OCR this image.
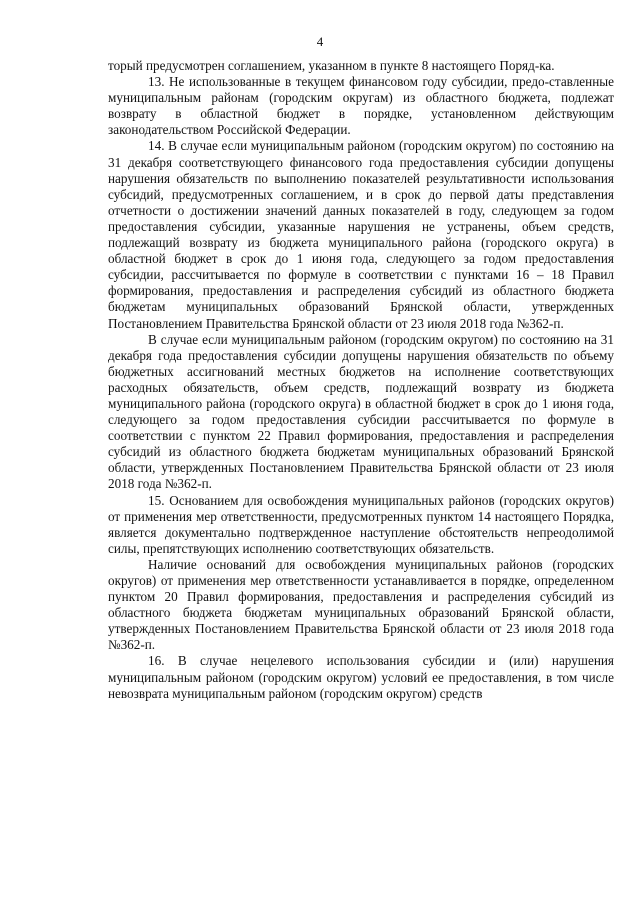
4

торый предусмотрен соглашением, указанном в пункте 8 настоящего Поряд-ка.

13. Не использованные в текущем финансовом году субсидии, предо-ставленные муниципальным районам (городским округам) из областного бюджета, подлежат возврату в областной бюджет в порядке, установленном действующим законодательством Российской Федерации.

14. В случае если муниципальным районом (городским округом) по состоянию на 31 декабря соответствующего финансового года предоставления субсидии допущены нарушения обязательств по выполнению показателей результативности использования субсидий, предусмотренных соглашением, и в срок до первой даты представления отчетности о достижении значений данных показателей в году, следующем за годом предоставления субсидии, указанные нарушения не устранены, объем средств, подлежащий возврату из бюджета муниципального района (городского округа) в областной бюджет в срок до 1 июня года, следующего за годом предоставления субсидии, рассчитывается по формуле в соответствии с пунктами 16 – 18 Правил формирования, предоставления и распределения субсидий из областного бюджета бюджетам муниципальных образований Брянской области, утвержденных Постановлением Правительства Брянской области от 23 июля 2018 года №362-п.

В случае если муниципальным районом (городским округом) по состоянию на 31 декабря года предоставления субсидии допущены нарушения обязательств по объему бюджетных ассигнований местных бюджетов на исполнение соответствующих расходных обязательств, объем средств, подлежащий возврату из бюджета муниципального района (городского округа) в областной бюджет в срок до 1 июня года, следующего за годом предоставления субсидии рассчитывается по формуле в соответствии с пунктом 22 Правил формирования, предоставления и распределения субсидий из областного бюджета бюджетам муниципальных образований Брянской области, утвержденных Постановлением Правительства Брянской области от 23 июля 2018 года №362-п.

15. Основанием для освобождения муниципальных районов (городских округов) от применения мер ответственности, предусмотренных пунктом 14 настоящего Порядка, является документально подтвержденное наступление обстоятельств непреодолимой силы, препятствующих исполнению соответствующих обязательств.

Наличие оснований для освобождения муниципальных районов (городских округов) от применения мер ответственности устанавливается в порядке, определенном пунктом 20 Правил формирования, предоставления и распределения субсидий из областного бюджета бюджетам муниципальных образований Брянской области, утвержденных Постановлением Правительства Брянской области от 23 июля 2018 года №362-п.

16. В случае нецелевого использования субсидии и (или) нарушения муниципальным районом (городским округом) условий ее предоставления, в том числе невозврата муниципальным районом (городским округом) средств
